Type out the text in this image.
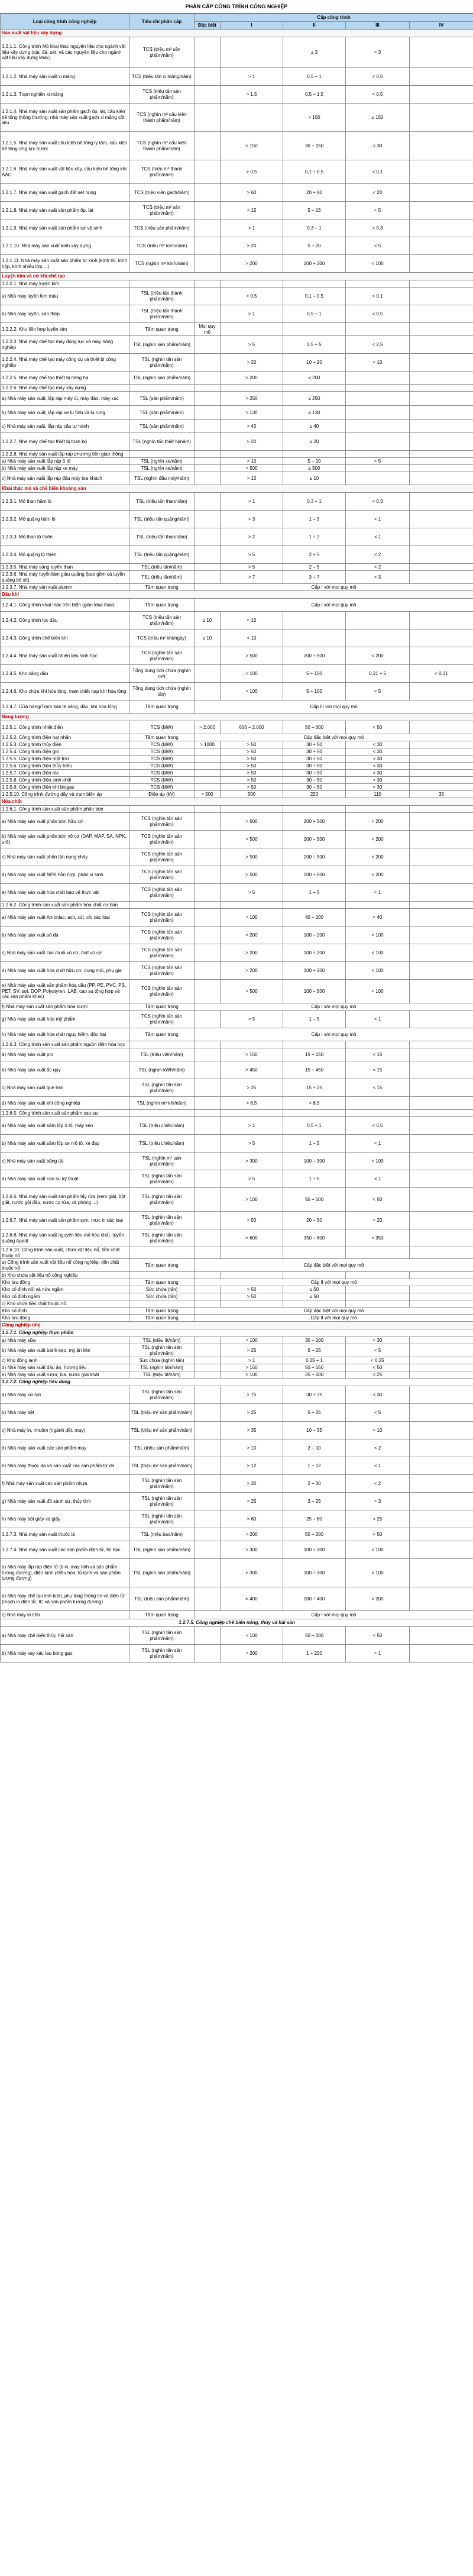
PHÂN CẤP CÔNG TRÌNH CÔNG NGHIỆP
Loại công trình công nghiệp	Tiêu chí phân cấp	Cấp công trình				
		Đặc biệt	I	II	III	IV
Sản xuất vật liệu xây dựng						
1.2.1.1. Công trình Mỏ khai thác nguyên liệu cho ngành vật liệu xây dựng (cát, đá, sét, và các nguyên liệu cho ngành vật liệu xây dựng khác)	TCS (triệu m³ sản phẩm/năm)			≥ 3	< 3	
1.2.1.2. Nhà máy sản xuất xi măng	TCS (triệu tấn xi măng/năm)		> 1	0,5 ÷ 1	< 0,5	
1.2.1.3. Trạm nghiền xi măng	TCS (triệu tấn sản phẩm/năm)		> 1,5	0,5 ÷ 1,5	< 0,5	
1.2.1.4. Nhà máy sản xuất sản phẩm gạch ốp, lát, cấu kiện bê tông thông thường; nhà máy sản xuất gạch xi măng cốt liệu	TCS (nghìn m² cấu kiện thành phẩm/năm)			> 150	≤ 150	
1.2.1.5. Nhà máy sản xuất cấu kiện bê tông ly tâm, cấu kiện bê tông ứng lực trước	TCS (nghìn m³ cấu kiện thành phẩm/năm)		> 150	30 ÷ 150	< 30	
1.2.1.6. Nhà máy sản xuất vật liệu xây, cấu kiện bê tông khí AAC	TCS (triệu m³ thành phẩm/năm)		> 0,5	0,1 ÷ 0,5	< 0,1	
1.2.1.7. Nhà máy sản xuất gạch đất sét nung	TCS (triệu viên gạch/năm)		> 60	20 ÷ 60	< 20	
1.2.1.8. Nhà máy sản xuất sản phẩm ốp, lát	TCS (triệu m² sản phẩm/năm)		> 15	5 ÷ 15	< 5	
1.2.1.9. Nhà máy sản xuất sản phẩm sứ vệ sinh	TCS (triệu sản phẩm/năm)		> 1	0,3 ÷ 1	< 0,3	
1.2.1.10. Nhà máy sản xuất kính xây dựng	TCS (triệu m² kính/năm)		> 20	5 ÷ 20	< 5	
1.2.1.11. Nhà máy sản xuất sản phẩm từ kính (kính tôi, kính hộp, kính nhiều lớp,...)	TCS (nghìn m² kính/năm)		> 200	100 ÷ 200	< 100	
Luyện kim và cơ khí chế tạo						
1.2.2.1. Nhà máy luyện kim						
a) Nhà máy luyện kim màu	TSL (triệu tấn thành phẩm/năm)		> 0,5	0,1 ÷ 0,5	< 0,1	
b) Nhà máy luyện, cán thép	TSL (triệu tấn thành phẩm/năm)		> 1	0,5 ÷ 1	< 0,5	
1.2.2.2. Khu liên hợp luyện kim	Tầm quan trọng	Mọi quy mô				
1.2.2.3. Nhà máy chế tạo máy động lực và máy nông nghiệp	TSL (nghìn sản phẩm/năm)		> 5	2,5 ÷ 5	< 2,5	
1.2.2.4. Nhà máy chế tạo máy công cụ và thiết bị công nghiệp	TSL (nghìn tấn sản phẩm/năm)		> 20	10 ÷ 20	< 10	
1.2.2.5. Nhà máy chế tạo thiết bị nâng hạ	TSL (nghìn sản phẩm/năm)		> 200	≤ 200		
1.2.2.6. Nhà máy chế tạo máy xây dựng						
a) Nhà máy sản xuất, lắp ráp máy ủi, máy đào, máy xúc	TSL (sản phẩm/năm)		> 250	≤ 250		
b) Nhà máy sản xuất, lắp ráp xe lu tĩnh và lu rung	TSL (sản phẩm/năm)		> 130	≤ 130		
c) Nhà máy sản xuất, lắp ráp cầu tự hành	TSL (sản phẩm/năm)		> 40	≤ 40		
1.2.2.7. Nhà máy chế tạo thiết bị toàn bộ	TSL (nghìn tấn thiết bị/năm)		> 20	≤ 20		
1.2.2.8. Nhà máy sản xuất lắp ráp phương tiện giao thông						
a) Nhà máy sản xuất lắp ráp ô tô	TSL (nghìn xe/năm)		> 10	5 ÷ 10	< 5	
b) Nhà máy sản xuất lắp ráp xe máy	TSL (nghìn xe/năm)		> 500	≤ 500		
c) Nhà máy sản xuất lắp ráp đầu máy toa khách	TSL (nghìn đầu máy/năm)		> 10	≤ 10		
Khai thác mỏ và chế biến khoáng sản						
1.2.3.1. Mỏ than hầm lò	TSL (triệu tấn than/năm)		> 1	0,3 ÷ 1	< 0,3	
1.2.3.2. Mỏ quặng hầm lò	TSL (triệu tấn quặng/năm)		> 3	1 ÷ 3	< 1	
1.2.3.3. Mỏ than lộ thiên	TSL (triệu tấn than/năm)		> 2	1 ÷ 2	< 1	
1.2.3.4. Mỏ quặng lộ thiên	TSL (triệu tấn quặng/năm)		> 5	2 ÷ 5	< 2	
1.2.3.5. Nhà máy sàng tuyển than	TSL (triệu tấn/năm)		> 5	2 ÷ 5	< 2	
1.2.3.6. Nhà máy tuyển/làm giàu quặng (bao gồm cả tuyển quặng bô xít)	TSL (triệu tấn/năm)		> 7	3 ÷ 7	< 3	
1.2.3.7. Nhà máy sản xuất alumin	Tầm quan trọng	Cấp I với mọi quy mô				
Dầu khí						
1.2.4.1. Công trình khai thác trên biển (giàn khai thác)	Tầm quan trọng	Cấp I với mọi quy mô				
1.2.4.2. Công trình lọc dầu	TCS (triệu tấn sản phẩm/năm)	≥ 10	< 10			
1.2.4.3. Công trình chế biến khí	TCS (triệu m³ khí/ngày)	≥ 10	< 10			
1.2.4.4. Nhà máy sản xuất nhiên liệu sinh học	TCS (nghìn tấn sản phẩm/năm)		> 500	200 ÷ 500	< 200	
1.2.4.5. Kho xăng dầu	Tổng dung tích chứa (nghìn m³)		> 100	5 ÷ 100	0,21 ÷ 5	< 0,21
1.2.4.6. Kho chứa khí hóa lỏng, trạm chiết nạp khí hóa lỏng	Tổng dung tích chứa (nghìn tấn)		> 100	5 ÷ 100	< 5	
1.2.4.7. Cửa hàng/Trạm bán lẻ xăng, dầu, khí hóa lỏng	Tầm quan trọng	Cấp III với mọi quy mô				
Năng lượng						
1.2.5.1. Công trình nhiệt điện	TCS (MW)	> 2.000	600 ÷ 2.000	50 ÷ 600	< 50	
1.2.5.2. Công trình điện hạt nhân	Tầm quan trọng	Cấp đặc biệt với mọi quy mô				
1.2.5.3. Công trình thủy điện	TCS (MW)	> 1000	> 50	30 ÷ 50	< 30	
1.2.5.4. Công trình điện gió	TCS (MW)		> 50	30 ÷ 50	< 30	
1.2.5.5. Công trình điện mặt trời	TCS (MW)		> 50	30 ÷ 50	< 30	
1.2.5.6. Công trình điện thủy triều	TCS (MW)		> 50	30 ÷ 50	< 30	
1.2.5.7. Công trình điện rác	TCS (MW)		> 50	30 ÷ 50	< 30	
1.2.5.8. Công trình điện sinh khối	TCS (MW)		> 50	30 ÷ 50	< 30	
1.2.5.9. Công trình điện khí biogas	TCS (MW)		> 50	30 ÷ 50	< 30	
1.2.5.10. Công trình đường dây và trạm biến áp	Điện áp (kV)	> 500	500	220	110	35
Hóa chất						
1.2.6.1. Công trình sản xuất sản phẩm phân bón						
a) Nhà máy sản xuất phân bón hữu cơ	TCS (nghìn tấn sản phẩm/năm)		> 500	200 ÷ 500	< 200	
b) Nhà máy sản xuất phân bón vô cơ (DAP, MAP, SA, NPK, urê)	TCS (nghìn tấn sản phẩm/năm)		> 500	200 ÷ 500	< 200	
c) Nhà máy sản xuất phân lân nung chảy	TCS (nghìn tấn sản phẩm/năm)		> 500	200 ÷ 500	< 200	
d) Nhà máy sản xuất NPK hỗn hợp, phân vi sinh	TCS (nghìn tấn sản phẩm/năm)		> 500	200 ÷ 500	< 200	
e) Nhà máy sản xuất hóa chất bảo vệ thực vật	TCS (nghìn tấn sản phẩm/năm)		> 5	1 ÷ 5	< 1	
1.2.6.2. Công trình sản xuất sản phẩm hóa chất cơ bản						
a) Nhà máy sản xuất Amoniac, axit, xút, clo các loại	TCS (nghìn tấn sản phẩm/năm)		> 100	40 ÷ 100	< 40	
b) Nhà máy sản xuất sô đa	TCS (nghìn tấn sản phẩm/năm)		> 200	100 ÷ 200	< 100	
c) Nhà máy sản xuất các muối vô cơ, ôxít vô cơ	TCS (nghìn tấn sản phẩm/năm)		> 200	100 ÷ 200	< 100	
d) Nhà máy sản xuất hóa chất hữu cơ, dung môi, phụ gia	TCS (nghìn tấn sản phẩm/năm)		> 200	100 ÷ 200	< 100	
e) Nhà máy sản xuất sản phẩm hóa dầu (PP, PE, PVC, PS, PET, SV, sợi, DOP, Polystyren, LAB, cao su tổng hợp và các sản phẩm khác)	TCS (nghìn tấn sản phẩm/năm)		> 500	100 ÷ 500	< 100	
f) Nhà máy sản xuất sản phẩm hóa dược	Tầm quan trọng	Cấp I với mọi quy mô				
g) Nhà máy sản xuất hóa mỹ phẩm	TCS (nghìn tấn sản phẩm/năm)		> 5	1 ÷ 5	< 1	
h) Nhà máy sản xuất hóa chất nguy hiểm, độc hại	Tầm quan trọng	Cấp I với mọi quy mô				
1.2.6.3. Công trình sản xuất sản phẩm nguồn điện hóa học						
a) Nhà máy sản xuất pin	TSL (triệu viên/năm)		> 150	15 ÷ 150	< 15	
b) Nhà máy sản xuất ắc quy	TSL (nghìn kWh/năm)		> 450	15 ÷ 450	< 15	
c) Nhà máy sản xuất que hàn	TSL (nghìn tấn sản phẩm/năm)		> 25	15 ÷ 25	< 15	
d) Nhà máy sản xuất khí công nghiệp	TSL (nghìn m³ khí/năm)		> 8,5	< 8,5		
1.2.6.5. Công trình sản xuất sản phẩm cao su:						
a) Nhà máy sản xuất săm lốp ô tô, máy kéo	TSL (triệu chiếc/năm)		> 1	0,5 ÷ 1	< 0,5	
b) Nhà máy sản xuất săm lốp xe mô tô, xe đạp	TSL (triệu chiếc/năm)		> 5	1 ÷ 5	< 1	
c) Nhà máy sản xuất băng tải	TSL (nghìn m² sản phẩm/năm)		> 300	100 ÷ 300	< 100	
d) Nhà máy sản xuất cao su kỹ thuật	TSL (nghìn tấn sản phẩm/năm)		> 5	1 ÷ 5	< 1	
1.2.6.6. Nhà máy sản xuất sản phẩm tẩy rửa (kem giặt, bột giặt, nước gội đầu, nước cọ rửa, xà phòng ...)	TSL (nghìn tấn sản phẩm/năm)		> 100	50 ÷ 100	< 50	
1.2.6.7. Nhà máy sản xuất sản phẩm sơn, mực in các loại	TSL (nghìn tấn sản phẩm/năm)		> 50	20 ÷ 50	< 20	
1.2.6.8. Nhà máy sản xuất nguyên liệu mỏ hóa chất, tuyển quặng Apatit	TSL (nghìn tấn sản phẩm/năm)		> 600	350 ÷ 600	< 350	
1.2.6.10. Công trình sản xuất, chứa vật liệu nổ, tiền chất thuốc nổ						
a) Công trình sản xuất vật liệu nổ công nghiệp, tiền chất thuốc nổ	Tầm quan trọng	Cấp đặc biệt với mọi quy mô				
b) Kho chứa vật liệu nổ công nghiệp						
Kho lưu động	Tầm quan trọng	Cấp II với mọi quy mô				
Kho cố định nổi và nửa ngầm	Sức chứa (tấn)		> 50	≤ 50		
Kho cố định ngầm	Sức chứa (tấn)		> 50	≤ 50		
c) Kho chứa tiền chất thuốc nổ						
Kho cố định	Tầm quan trọng	Cấp đặc biệt với mọi quy mô				
Kho lưu động	Tầm quan trọng	Cấp II với mọi quy mô				
Công nghiệp nhẹ						
1.2.7.1. Công nghiệp thực phẩm						
a) Nhà máy sữa	TSL (triệu lít/năm)		> 100	30 ÷ 100	< 30	
b) Nhà máy sản xuất bánh kẹo, mỳ ăn liền	TSL (nghìn tấn sản phẩm/năm)		> 25	5 ÷ 25	< 5	
c) Kho đông lạnh	Sức chứa (nghìn tấn)		> 1	0,25 ÷ 1	< 0,25	
d) Nhà máy sản xuất dầu ăn, hương liệu	TSL (nghìn tấn/năm)		> 150	50 ÷ 150	< 50	
e) Nhà máy sản xuất rượu, bia, nước giải khát	TSL (triệu lít/năm)		> 100	25 ÷ 100	< 25	
1.2.7.2. Công nghiệp tiêu dùng						
a) Nhà máy xơ sợi	TSL (nghìn tấn sản phẩm/năm)		> 75	30 ÷ 75	< 30	
b) Nhà máy dệt	TSL (triệu m² sản phẩm/năm)		> 25	5 ÷ 25	< 5	
c) Nhà máy in, nhuộm (ngành dệt, may)	TSL (triệu m² sản phẩm/năm)		> 35	10 ÷ 35	< 10	
d) Nhà máy sản xuất các sản phẩm may	TSL (triệu sản phẩm/năm)		> 10	2 ÷ 10	< 2	
e) Nhà máy thuộc da và sản xuất các sản phẩm từ da	TSL (triệu m² sản phẩm/năm)		> 12	1 ÷ 12	< 1	
f) Nhà máy sản xuất các sản phẩm nhựa	TSL (nghìn tấn sản phẩm/năm)		> 30	2 ÷ 30	< 2	
g) Nhà máy sản xuất đồ sành sứ, thủy tinh	TSL (nghìn tấn sản phẩm/năm)		> 25	3 ÷ 25	< 3	
h) Nhà máy bột giấy và giấy	TSL (nghìn tấn sản phẩm/năm)		> 60	25 ÷ 60	< 25	
1.2.7.3. Nhà máy sản xuất thuốc lá	TSL (triệu bao/năm)		> 200	50 ÷ 200	< 50	
1.2.7.4. Nhà máy sản xuất các sản phẩm điện tử, tin học	TSL (nghìn sản phẩm/năm)		> 300	100 ÷ 300	< 100	
a) Nhà máy lắp ráp điện tử (ti vi, máy tính và sản phẩm tương đương), điện lạnh (Điều hòa, tủ lạnh và sản phẩm tương đương)	TSL (nghìn sản phẩm/năm)		> 300	100 ÷ 300	< 100	
b) Nhà máy chế tạo linh kiện, phụ tùng thông tin và điện tử (mạch in điện tử, IC và sản phẩm tương đương)	TSL (triệu sản phẩm/năm)		> 400	200 ÷ 400	< 200	
c) Nhà máy in tiền	Tầm quan trọng	Cấp I với mọi quy mô				
1.2.7.5. Công nghiệp chế biến nông, thủy và hải sản						
a) Nhà máy chế biến thủy, hải sản	TSL (nghìn tấn sản phẩm/năm)		> 100	50 ÷ 100	< 50	
b) Nhà máy xay xát, lau bóng gạo	TSL (nghìn tấn sản phẩm/năm)		> 200	1 ÷ 200	< 1	
